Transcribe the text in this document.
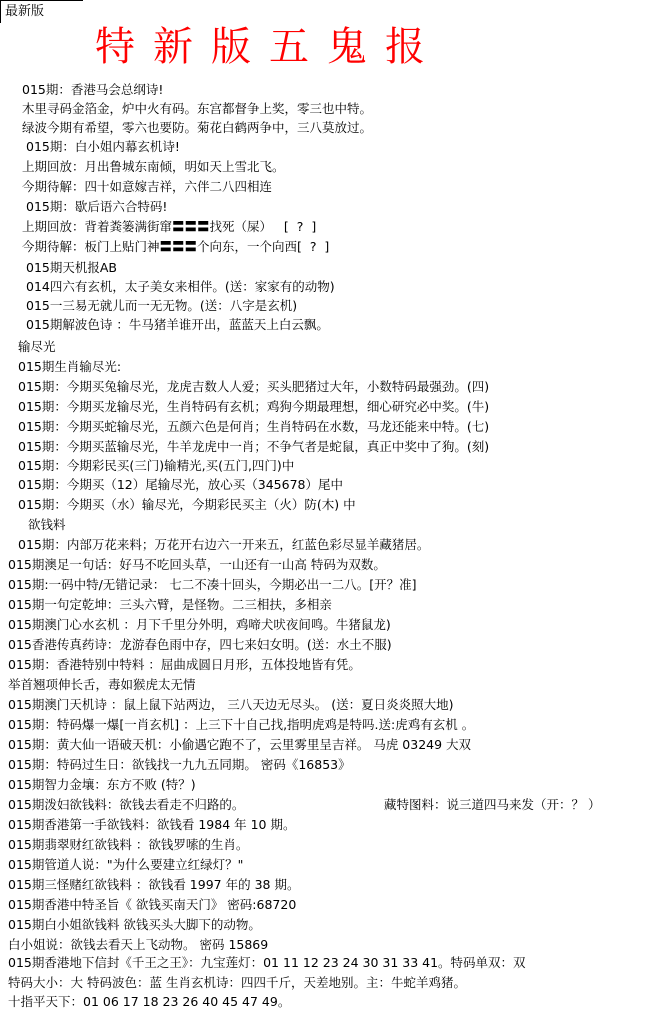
最新版
特新版五鬼报
015期：香港马会总纲诗!
木里寻码金箔金，炉中火有码。东宫都督争上奖，零三也中特。
绿波今期有希望，零六也要防。菊花白鹤两争中，三八莫放过。
015期：白小姐内幕玄机诗!
上期回放：月出鲁城东南倾，明如天上雪北飞。
今期待解：四十如意嫁吉祥，六伴二八四相连
015期：歇后语六合特码!
上期回放：背着粪篓满街窜〓〓〓找死（屎）   [  ?  ]
今期待解：板门上贴门神〓〓〓个向东，一个向西[  ?  ]
015期天机报AB
014四六有玄机，太子美女来相伴。(送：家家有的动物)
015一三易无就儿而一无无物。(送：八字是玄机)
015期解波色诗 ：牛马猪羊谁开出，蓝蓝天上白云飘。
输尽光
015期生肖输尽光:
015期：今期买兔输尽光，龙虎吉数人人爱；买头肥猪过大年，小数特码最强劲。(四)
015期：今期买龙输尽光，生肖特码有玄机；鸡狗今期最理想，细心研究必中奖。(牛)
015期：今期买蛇输尽光，五颜六色是何肖；生肖特码在水数，马龙还能来中特。(七)
015期：今期买蓝输尽光，牛羊龙虎中一肖；不争气者是蛇鼠，真正中奖中了狗。(刻)
015期：今期彩民买(三门)输精光,买(五门,四门)中
015期：今期买（12）尾输尽光，放心买（345678）尾中
015期：今期买（水）输尽光，今期彩民买主（火）防(木) 中
欲钱料
015期：内部万花来料；万花开右边六一开来五，红蓝色彩尽显羊藏猪居。
015期澳足一句话：好马不吃回头草，一山还有一山高 特码为双数。
015期:一码中特/无错记录： 七二不凑十回头，今期必出一二八。[开？准]
015期一句定乾坤：三头六臂，是怪物。二三相扶，多相亲
015期澳门心水玄机 ：月下千里分外明，鸡啼犬吠夜间鸣。牛猪鼠龙)
015香港传真药诗：龙游春色雨中存，四七来妇女明。(送：水土不服)
015期：香港特别中特料 ：屈曲成圆日月形，五体投地皆有凭。
举首翘项伸长舌，毒如猴虎太无情
015期澳门天机诗 ：鼠上鼠下站两边， 三八天边无尽头。 (送：夏日炎炎照大地)
015期：特码爆一爆[一肖玄机] ：上三下十自己找,指明虎鸡是特吗.送:虎鸡有玄机 。
015期：黄大仙一语破天机：小偷遇它跑不了，云里雾里呈吉祥。 马虎 03249 大双
015期：特码过生日：欲钱找一九九五同期。 密码《16853》
015期智力金壤：东方不败 (特？)
015期泼妇欲钱料：欲钱去看走不归路的。	藏特图料：说三道四马来发（开：？ ）
015期香港第一手欲钱料：欲钱看 1984 年 10 期。
015期翡翠财红欲钱料 ：欲钱罗嗦的生肖。
015期管道人说："为什么要建立红绿灯？"
015期三怪赌红欲钱料 ：欲钱看 1997 年的 38 期。
015期香港中特圣旨《 欲钱买南天门》 密码:68720
015期白小姐欲钱料 欲钱买头大脚下的动物。
白小姐说：欲钱去看天上飞动物。 密码 15869
015期香港地下信封《千王之王》：九宝莲灯：01 11 12 23 24 30 31 33 41。特码单双：双
特码大小：大 特码波色：蓝 生肖玄机诗：四四千斤，天差地别。主：牛蛇羊鸡猪。
十指平天下：01 06 17 18 23 26 40 45 47 49。
